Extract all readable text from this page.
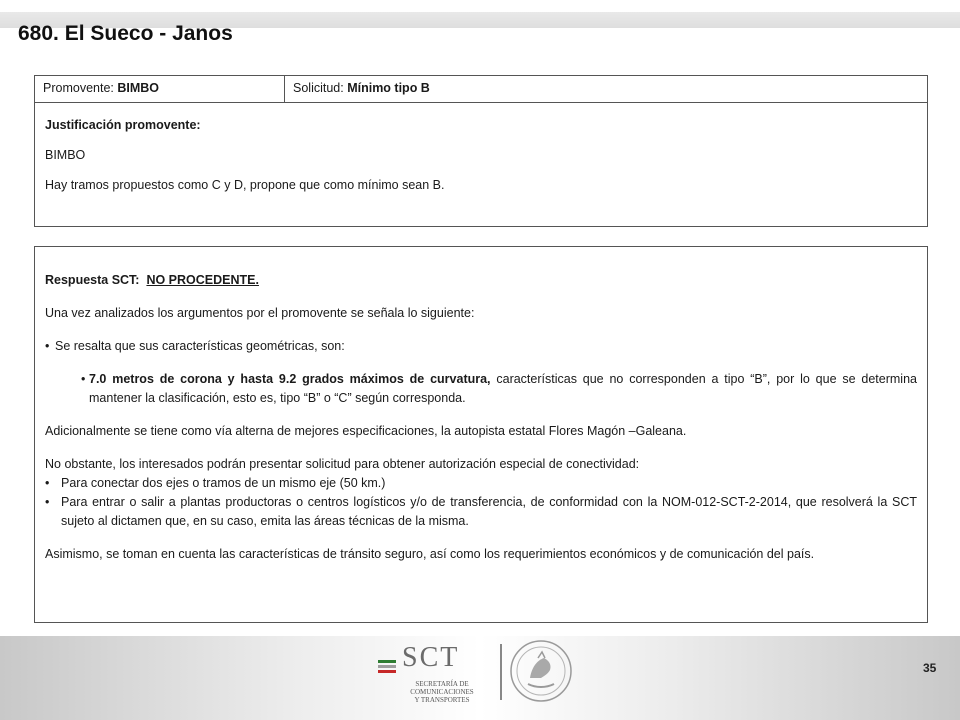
680. El Sueco - Janos
Promovente: BIMBO	Solicitud: Mínimo tipo B

Justificación promovente:

BIMBO

Hay tramos propuestos como C y D, propone que como mínimo sean B.

Respuesta SCT: NO PROCEDENTE.

Una vez analizados los argumentos por el promovente se señala lo siguiente:

• Se resalta que sus características geométricas, son:
• 7.0 metros de corona y hasta 9.2 grados máximos de curvatura, características que no corresponden a tipo “B”, por lo que se determina mantener la clasificación, esto es, tipo “B” o “C” según corresponda.

Adicionalmente se tiene como vía alterna de mejores especificaciones, la autopista estatal Flores Magón –Galeana.

No obstante, los interesados podrán presentar solicitud para obtener autorización especial de conectividad:

• Para conectar dos ejes o tramos de un mismo eje (50 km.)
• Para entrar o salir a plantas productoras o centros logísticos y/o de transferencia, de conformidad con la NOM-012-SCT-2-2014, que resolverá la SCT sujeto al dictamen que, en su caso, emita las áreas técnicas de la misma.

Asimismo, se toman en cuenta las características de tránsito seguro, así como los requerimientos económicos y de comunicación del país.

SCT
SECRETARÍA DE
COMUNICACIONES
Y TRANSPORTES
35
